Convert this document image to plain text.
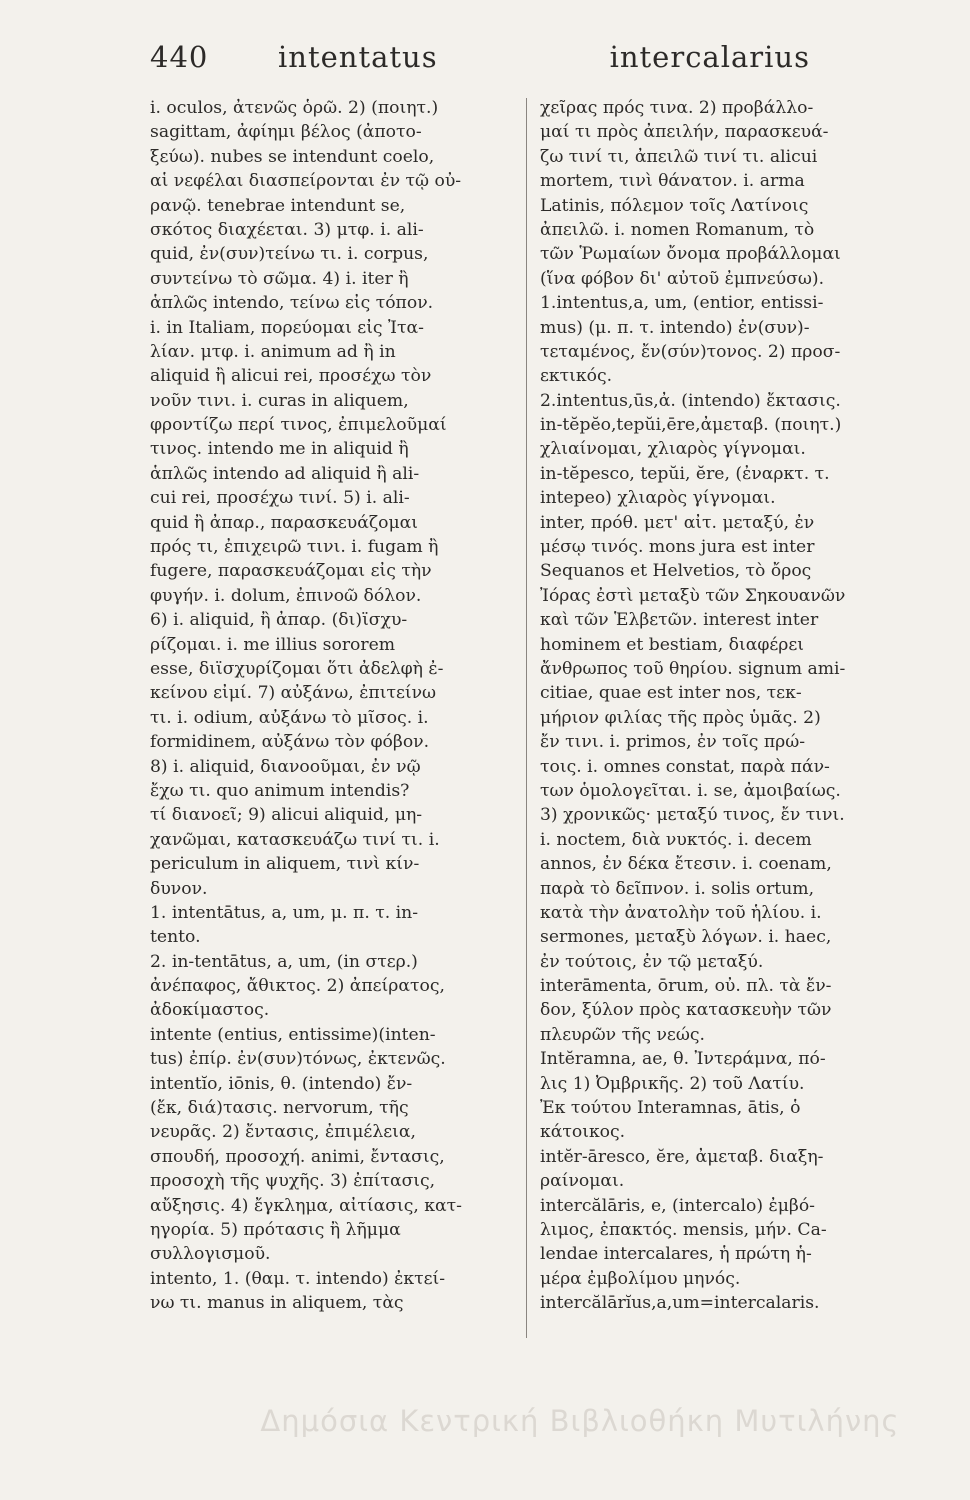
440 intentatus	intercalarius
i. oculos, ἀτενῶς ὁρῶ. 2) (ποιητ.)
sagittam, ἀφίημι βέλος (ἀποτο-
ξεύω). nubes se intendunt coelo,
αἱ νεφέλαι διασπείρονται ἐν τῷ οὐ-
ρανῷ. tenebrae intendunt se,
σκότος διαχέεται. 3) μτφ. i. ali-
quid, ἐν(συν)τείνω τι. i. corpus,
συντείνω τὸ σῶμα. 4) i. iter ἢ
ἁπλῶς intendo, τείνω εἰς τόπον.
i. in Italiam, πορεύομαι εἰς Ἰτα-
λίαν. μτφ. i. animum ad ἢ in
aliquid ἢ alicui rei, προσέχω τὸν
νοῦν τινι. i. curas in aliquem,
φροντίζω περί τινος, ἐπιμελοῦμαί
τινος. intendo me in aliquid ἢ
ἁπλῶς intendo ad aliquid ἢ ali-
cui rei, προσέχω τινί. 5) i. ali-
quid ἢ ἀπαρ., παρασκευάζομαι
πρός τι, ἐπιχειρῶ τινι. i. fugam ἢ
fugere, παρασκευάζομαι εἰς τὴν
φυγήν. i. dolum, ἐπινοῶ δόλον.
6) i. aliquid, ἢ ἀπαρ. (δι)ϊσχυ-
ρίζομαι. i. me illius sororem
esse, διϊσχυρίζομαι ὅτι ἀδελφὴ ἐ-
κείνου εἰμί. 7) αὐξάνω, ἐπιτείνω
τι. i. odium, αὐξάνω τὸ μῖσος. i.
formidinem, αὐξάνω τὸν φόβον.
8) i. aliquid, διανοοῦμαι, ἐν νῷ
ἔχω τι. quo animum intendis?
τί διανοεῖ; 9) alicui aliquid, μη-
χανῶμαι, κατασκευάζω τινί τι. i.
periculum in aliquem, τινὶ κίν-
δυνον.
1. intentātus, a, um, μ. π. τ. in-
tento.
2. in-tentātus, a, um, (in στερ.)
ἀνέπαφος, ἄθικτος. 2) ἀπείρατος,
ἀδοκίμαστος.
intente (entius, entissime)(inten-
tus) ἐπίρ. ἐν(συν)τόνως, ἐκτενῶς.
intentĭo, iōnis, θ. (intendo) ἔν-
(ἔκ, διά)τασις. nervorum, τῆς
νευρᾶς. 2) ἔντασις, ἐπιμέλεια,
σπουδή, προσοχή. animi, ἔντασις,
προσοχὴ τῆς ψυχῆς. 3) ἐπίτασις,
αὔξησις. 4) ἔγκλημα, αἰτίασις, κατ-
ηγορία. 5) πρότασις ἢ λῆμμα
συλλογισμοῦ.
intento, 1. (θαμ. τ. intendo) ἐκτεί-
νω τι. manus in aliquem, τὰς
χεῖρας πρός τινα. 2) προβάλλο-
μαί τι πρὸς ἀπειλήν, παρασκευά-
ζω τινί τι, ἀπειλῶ τινί τι. alicui
mortem, τινὶ θάνατον. i. arma
Latinis, πόλεμον τοῖς Λατίνοις
ἀπειλῶ. i. nomen Romanum, τὸ
τῶν Ῥωμαίων ὄνομα προβάλλομαι
(ἵνα φόβον δι' αὐτοῦ ἐμπνεύσω).
1.intentus,a, um, (entior, entissi-
mus) (μ. π. τ. intendo) ἐν(συν)-
τεταμένος, ἔν(σύν)τονος. 2) προσ-
εκτικός.
2.intentus,ūs,ἀ. (intendo) ἔκτασις.
in-tĕpĕo,tepŭi,ēre,ἀμεταβ. (ποιητ.)
χλιαίνομαι, χλιαρὸς γίγνομαι.
in-tĕpesco, tepŭi, ĕre, (ἐναρκτ. τ.
intepeo) χλιαρὸς γίγνομαι.
inter, πρόθ. μετ' αἰτ. μεταξύ, ἐν
μέσῳ τινός. mons jura est inter
Sequanos et Helvetios, τὸ ὄρος
Ἰόρας ἐστὶ μεταξὺ τῶν Σηκουανῶν
καὶ τῶν Ἑλβετῶν. interest inter
hominem et bestiam, διαφέρει
ἄνθρωπος τοῦ θηρίου. signum ami-
citiae, quae est inter nos, τεκ-
μήριον φιλίας τῆς πρὸς ὑμᾶς. 2)
ἔν τινι. i. primos, ἐν τοῖς πρώ-
τοις. i. omnes constat, παρὰ πάν-
των ὁμολογεῖται. i. se, ἀμοιβαίως.
3) χρονικῶς· μεταξύ τινος, ἔν τινι.
i. noctem, διὰ νυκτός. i. decem
annos, ἐν δέκα ἔτεσιν. i. coenam,
παρὰ τὸ δεῖπνον. i. solis ortum,
κατὰ τὴν ἀνατολὴν τοῦ ἡλίου. i.
sermones, μεταξὺ λόγων. i. haec,
ἐν τούτοις, ἐν τῷ μεταξύ.
interāmenta, ōrum, οὐ. πλ. τὰ ἔν-
δον, ξύλον πρὸς κατασκευὴν τῶν
πλευρῶν τῆς νεώς.
Intĕramna, ae, θ. Ἰντεράμνα, πό-
λις 1) Ὀμβρικῆς. 2) τοῦ Λατίυ.
Ἐκ τούτου Interamnas, ātis, ὁ
κάτοικος.
intĕr-āresco, ĕre, ἀμεταβ. διαξη-
ραίνομαι.
intercălāris, e, (intercalo) ἐμβό-
λιμος, ἐπακτός. mensis, μήν. Ca-
lendae intercalares, ἡ πρώτη ἡ-
μέρα ἐμβολίμου μηνός.
intercălārĭus,a,um=intercalaris.
Δημόσια Κεντρική Βιβλιοθήκη Μυτιλήνης
